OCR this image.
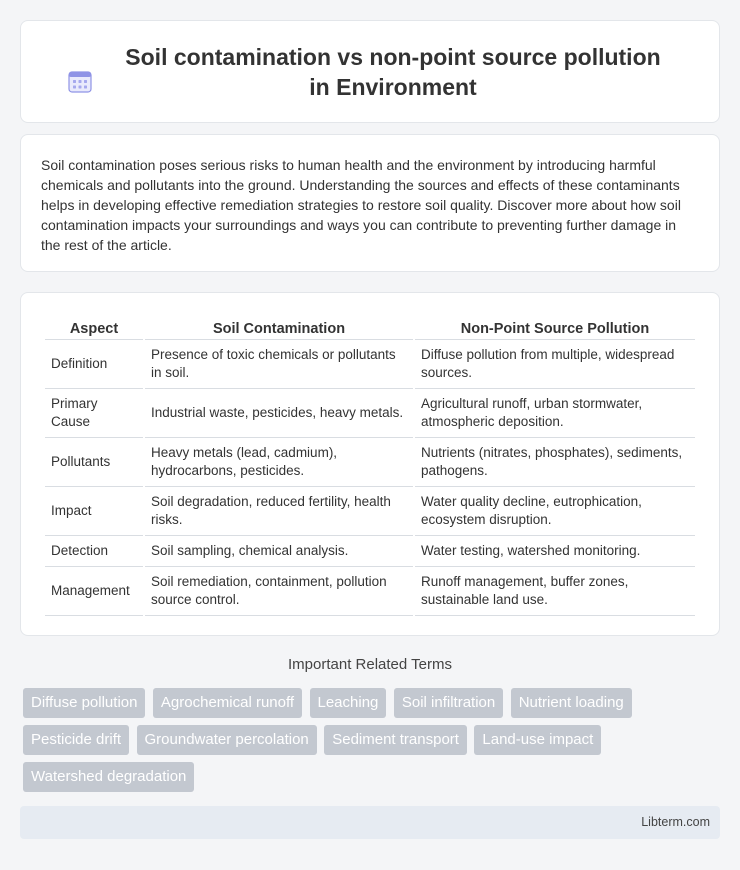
Soil contamination vs non-point source pollution in Environment

Soil contamination poses serious risks to human health and the environment by introducing harmful chemicals and pollutants into the ground. Understanding the sources and effects of these contaminants helps in developing effective remediation strategies to restore soil quality. Discover more about how soil contamination impacts your surroundings and ways you can contribute to preventing further damage in the rest of the article.

Aspect	Soil Contamination	Non-Point Source Pollution
Definition	Presence of toxic chemicals or pollutants in soil.	Diffuse pollution from multiple, widespread sources.
Primary Cause	Industrial waste, pesticides, heavy metals.	Agricultural runoff, urban stormwater, atmospheric deposition.
Pollutants	Heavy metals (lead, cadmium), hydrocarbons, pesticides.	Nutrients (nitrates, phosphates), sediments, pathogens.
Impact	Soil degradation, reduced fertility, health risks.	Water quality decline, eutrophication, ecosystem disruption.
Detection	Soil sampling, chemical analysis.	Water testing, watershed monitoring.
Management	Soil remediation, containment, pollution source control.	Runoff management, buffer zones, sustainable land use.
Important Related Terms
Diffuse pollution Agrochemical runoff Leaching Soil infiltration Nutrient loading Pesticide drift Groundwater percolation Sediment transport Land-use impact Watershed degradation
Libterm.com
